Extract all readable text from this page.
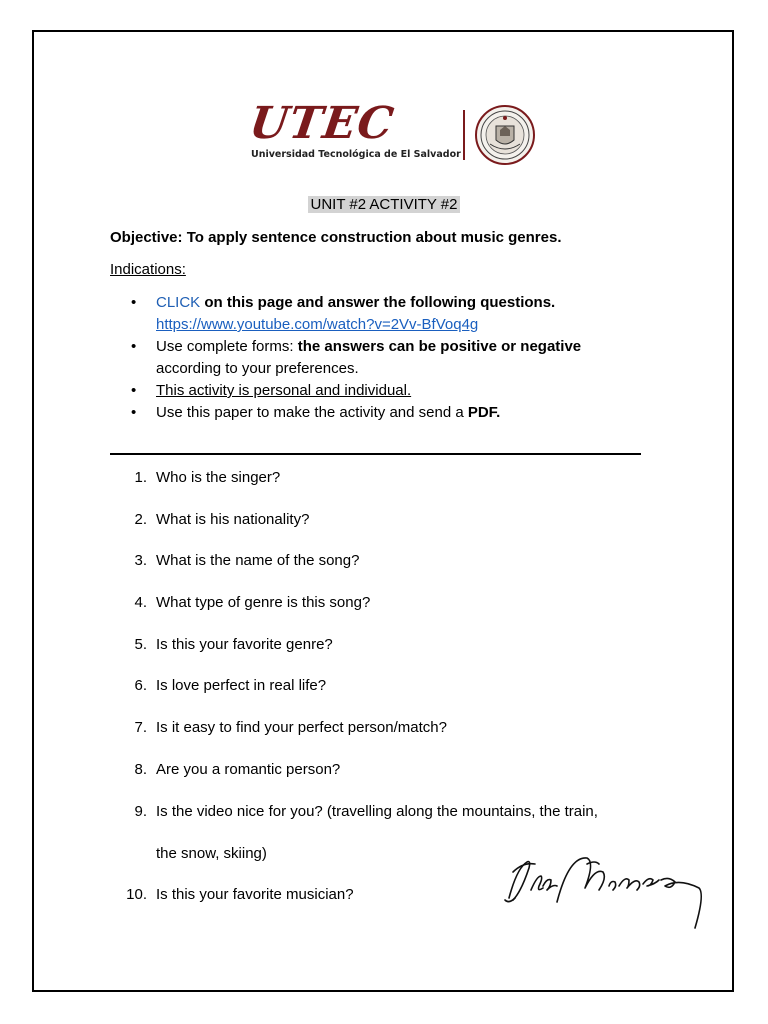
UTEC
Universidad Tecnológica de El Salvador
UNIT #2 ACTIVITY #2
Objective: To apply sentence construction about music genres.
Indications:
• CLICK on this page and answer the following questions.
https://www.youtube.com/watch?v=2Vv-BfVoq4g
• Use complete forms: the answers can be positive or negative
according to your preferences.
• This activity is personal and individual.
• Use this paper to make the activity and send a PDF.
1. Who is the singer?
2. What is his nationality?
3. What is the name of the song?
4. What type of genre is this song?
5. Is this your favorite genre?
6. Is love perfect in real life?
7. Is it easy to find your perfect person/match?
8. Are you a romantic person?
9. Is the video nice for you? (travelling along the mountains, the train,
the snow, skiing)
10. Is this your favorite musician?
